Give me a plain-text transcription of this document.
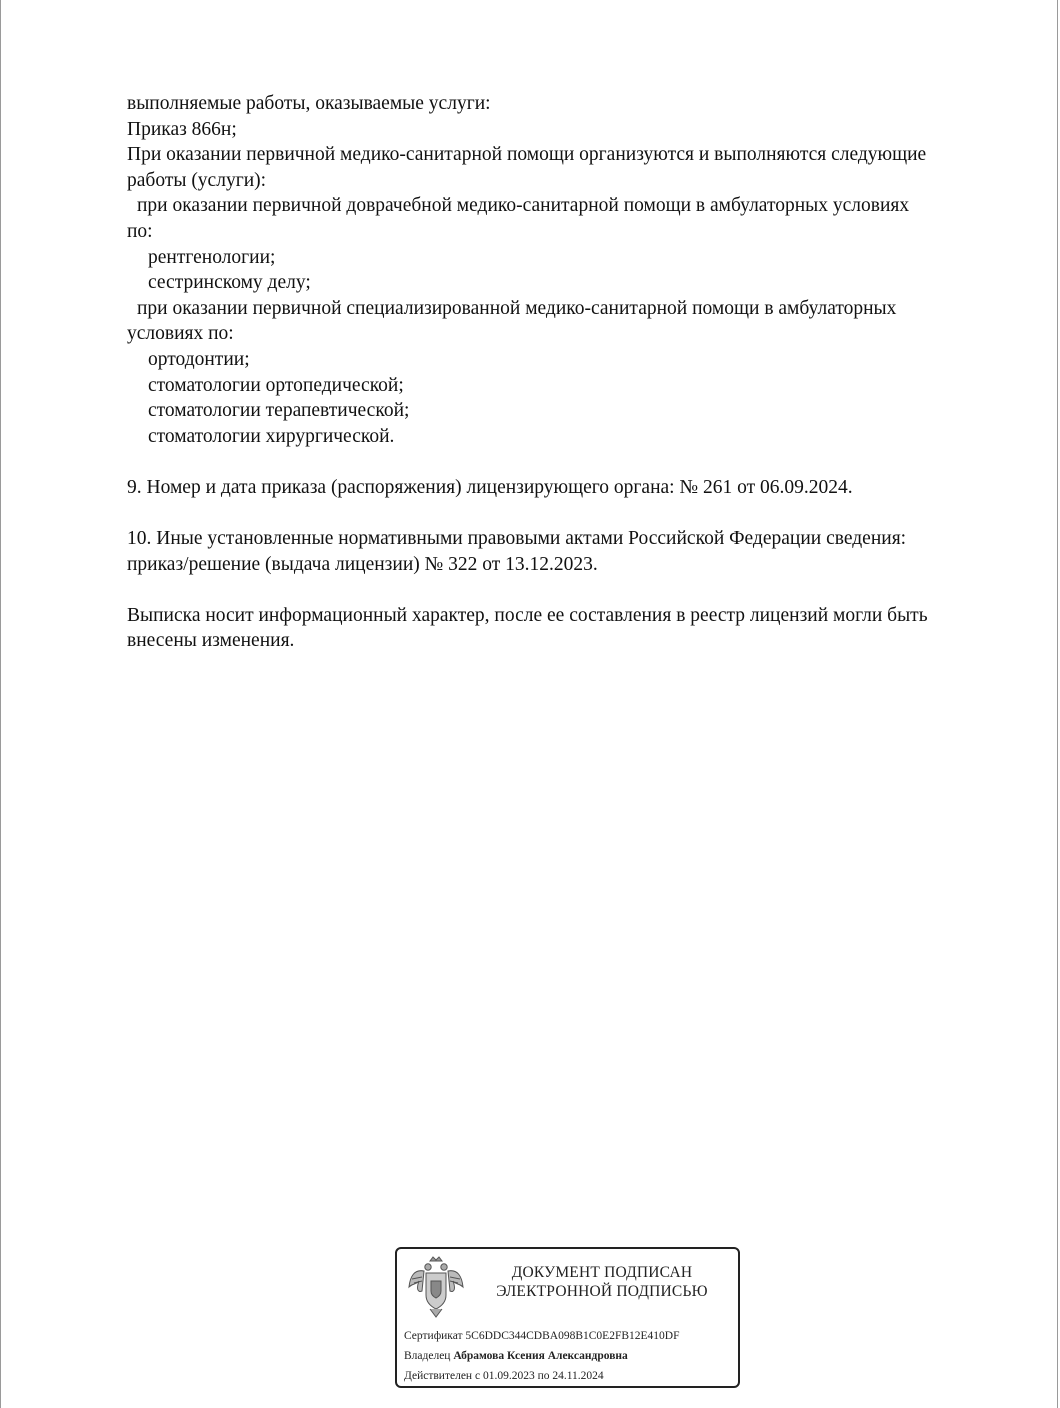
выполняемые работы, оказываемые услуги:
Приказ 866н;
При оказании первичной медико-санитарной помощи организуются и выполняются следующие
работы (услуги):
при оказании первичной доврачебной медико-санитарной помощи в амбулаторных условиях
по:
рентгенологии;
сестринскому делу;
при оказании первичной специализированной медико-санитарной помощи в амбулаторных
условиях по:
ортодонтии;
стоматологии ортопедической;
стоматологии терапевтической;
стоматологии хирургической.
9. Номер и дата приказа (распоряжения) лицензирующего органа: № 261 от 06.09.2024.
10. Иные установленные нормативными правовыми актами Российской Федерации сведения:
приказ/решение (выдача лицензии) № 322 от 13.12.2023.
Выписка носит информационный характер, после ее составления в реестр лицензий могли быть
внесены изменения.
ДОКУМЕНТ ПОДПИСАН
ЭЛЕКТРОННОЙ ПОДПИСЬЮ
Сертификат 5C6DDC344CDBA098B1C0E2FB12E410DF
Владелец Абрамова Ксения Александровна
Действителен с 01.09.2023 по 24.11.2024
